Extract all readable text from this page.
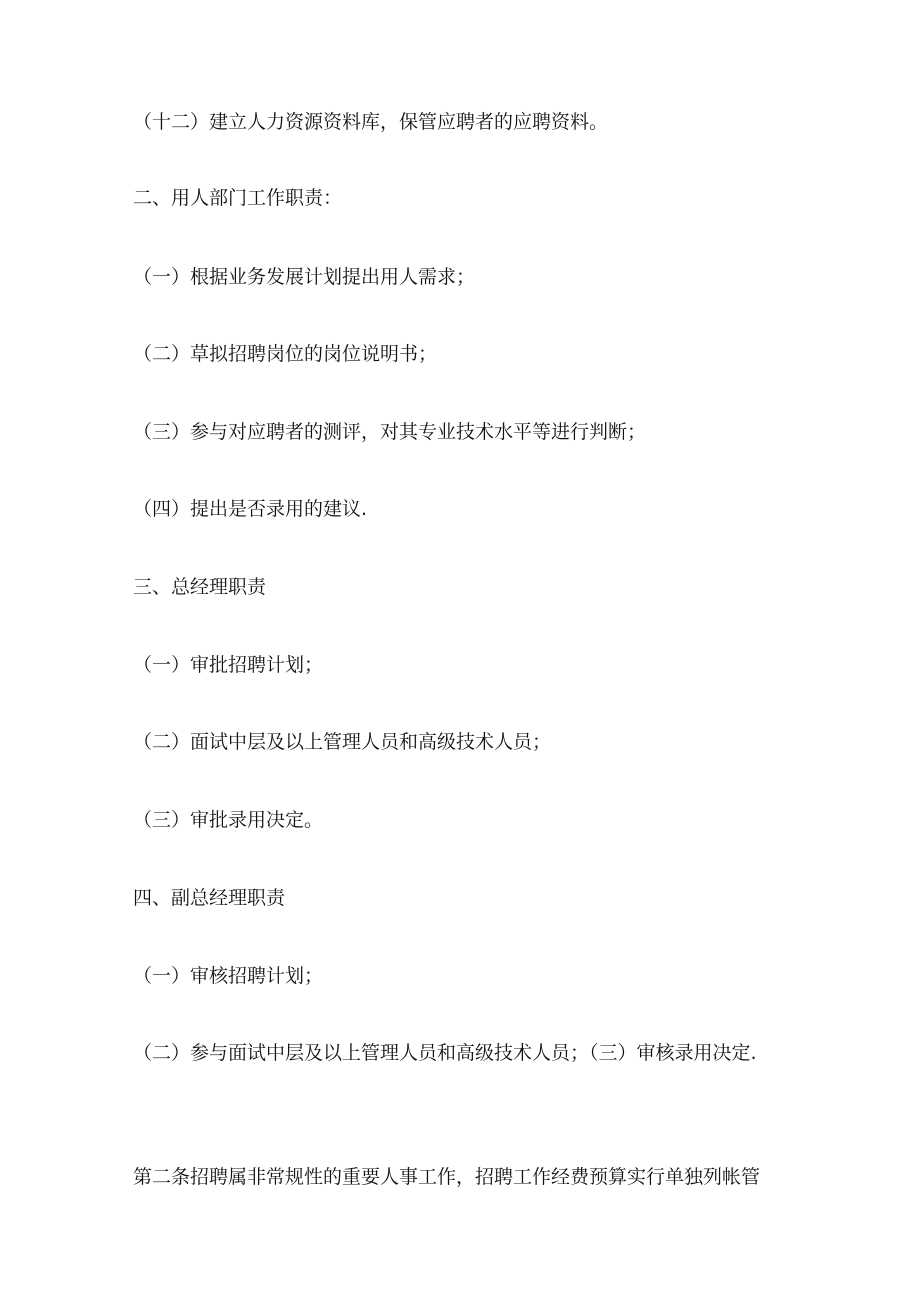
（十二）建立人力资源资料库，保管应聘者的应聘资料。
二、用人部门工作职责：
（一）根据业务发展计划提出用人需求；
（二）草拟招聘岗位的岗位说明书；
（三）参与对应聘者的测评，对其专业技术水平等进行判断；
（四）提出是否录用的建议.
三、总经理职责
（一）审批招聘计划；
（二）面试中层及以上管理人员和高级技术人员；
（三）审批录用决定。
四、副总经理职责
（一）审核招聘计划；
（二）参与面试中层及以上管理人员和高级技术人员；（三）审核录用决定.
第二条招聘属非常规性的重要人事工作，招聘工作经费预算实行单独列帐管
